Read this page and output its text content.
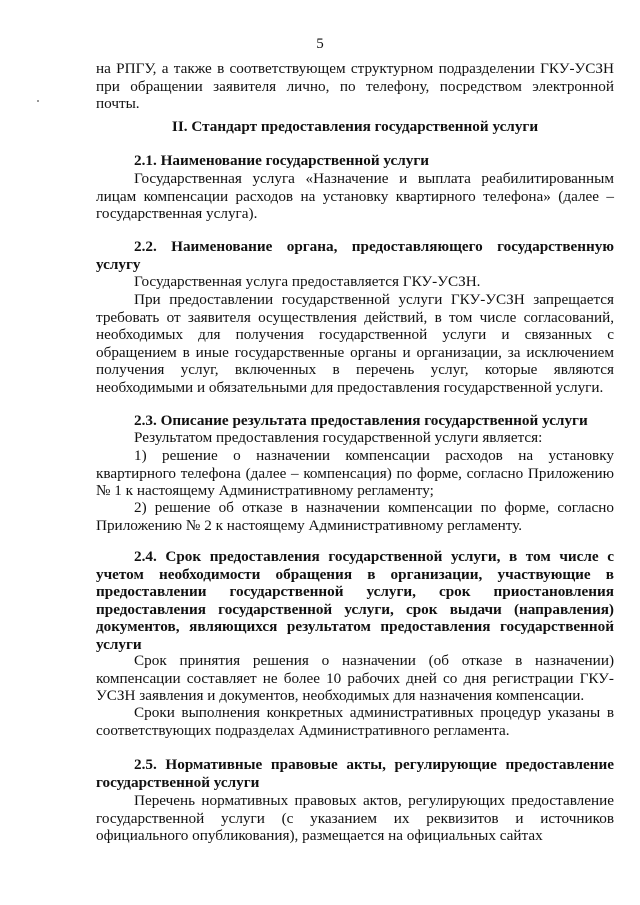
5

на РПГУ, а также в соответствующем структурном подразделении ГКУ-УСЗН при обращении заявителя лично, по телефону, посредством электронной почты.

II. Стандарт предоставления государственной услуги

2.1. Наименование государственной услуги

Государственная услуга «Назначение и выплата реабилитированным лицам компенсации расходов на установку квартирного телефона» (далее – государственная услуга).

2.2. Наименование органа, предоставляющего государственную услугу

Государственная услуга предоставляется ГКУ-УСЗН.

При предоставлении государственной услуги ГКУ-УСЗН запрещается требовать от заявителя осуществления действий, в том числе согласований, необходимых для получения государственной услуги и связанных с обращением в иные государственные органы и организации, за исключением получения услуг, включенных в перечень услуг, которые являются необходимыми и обязательными для предоставления государственной услуги.

2.3. Описание результата предоставления государственной услуги

Результатом предоставления государственной услуги является:

1) решение о назначении компенсации расходов на установку квартирного телефона (далее – компенсация) по форме, согласно Приложению № 1 к настоящему Административному регламенту;

2) решение об отказе в назначении компенсации по форме, согласно Приложению № 2 к настоящему Административному регламенту.

2.4. Срок предоставления государственной услуги, в том числе с учетом необходимости обращения в организации, участвующие в предоставлении государственной услуги, срок приостановления предоставления государственной услуги, срок выдачи (направления) документов, являющихся результатом предоставления государственной услуги

Срок принятия решения о назначении (об отказе в назначении) компенсации составляет не более 10 рабочих дней со дня регистрации ГКУ-УСЗН заявления и документов, необходимых для назначения компенсации.

Сроки выполнения конкретных административных процедур указаны в соответствующих подразделах Административного регламента.

2.5. Нормативные правовые акты, регулирующие предоставление государственной услуги

Перечень нормативных правовых актов, регулирующих предоставление государственной услуги (с указанием их реквизитов и источников официального опубликования), размещается на официальных сайтах
